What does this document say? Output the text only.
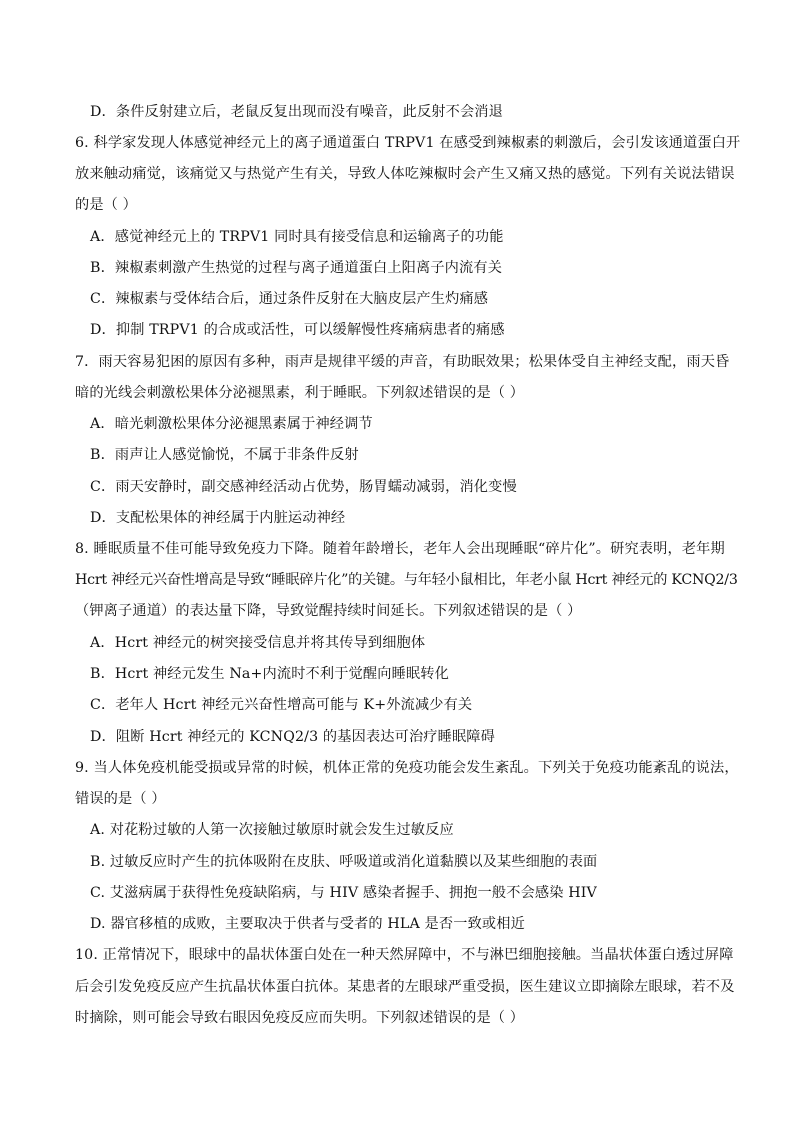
D．条件反射建立后，老鼠反复出现而没有噪音，此反射不会消退
6. 科学家发现人体感觉神经元上的离子通道蛋白 TRPV1 在感受到辣椒素的刺激后，会引发该通道蛋白开
放来触动痛觉，该痛觉又与热觉产生有关，导致人体吃辣椒时会产生又痛又热的感觉。下列有关说法错误
的是（ ）
A．感觉神经元上的 TRPV1 同时具有接受信息和运输离子的功能
B．辣椒素刺激产生热觉的过程与离子通道蛋白上阳离子内流有关
C．辣椒素与受体结合后，通过条件反射在大脑皮层产生灼痛感
D．抑制 TRPV1 的合成或活性，可以缓解慢性疼痛病患者的痛感
7．雨天容易犯困的原因有多种，雨声是规律平缓的声音，有助眠效果；松果体受自主神经支配，雨天昏
暗的光线会刺激松果体分泌褪黑素，利于睡眠。下列叙述错误的是（ ）
A．暗光刺激松果体分泌褪黑素属于神经调节
B．雨声让人感觉愉悦，不属于非条件反射
C．雨天安静时，副交感神经活动占优势，肠胃蠕动减弱，消化变慢
D．支配松果体的神经属于内脏运动神经
8. 睡眠质量不佳可能导致免疫力下降。随着年龄增长，老年人会出现睡眠“碎片化”。研究表明，老年期
Hcrt 神经元兴奋性增高是导致“睡眠碎片化”的关键。与年轻小鼠相比，年老小鼠 Hcrt 神经元的 KCNQ2/3
（钾离子通道）的表达量下降，导致觉醒持续时间延长。下列叙述错误的是（ ）
A．Hcrt 神经元的树突接受信息并将其传导到细胞体
B．Hcrt 神经元发生 Na+内流时不利于觉醒向睡眠转化
C．老年人 Hcrt 神经元兴奋性增高可能与 K+外流减少有关
D．阻断 Hcrt 神经元的 KCNQ2/3 的基因表达可治疗睡眠障碍
9. 当人体免疫机能受损或异常的时候，机体正常的免疫功能会发生紊乱。下列关于免疫功能紊乱的说法，
错误的是（ ）
A. 对花粉过敏的人第一次接触过敏原时就会发生过敏反应
B. 过敏反应时产生的抗体吸附在皮肤、呼吸道或消化道黏膜以及某些细胞的表面
C. 艾滋病属于获得性免疫缺陷病，与 HIV 感染者握手、拥抱一般不会感染 HIV
D. 器官移植的成败，主要取决于供者与受者的 HLA 是否一致或相近
10. 正常情况下，眼球中的晶状体蛋白处在一种天然屏障中，不与淋巴细胞接触。当晶状体蛋白透过屏障
后会引发免疫反应产生抗晶状体蛋白抗体。某患者的左眼球严重受损，医生建议立即摘除左眼球，若不及
时摘除，则可能会导致右眼因免疫反应而失明。下列叙述错误的是（ ）
